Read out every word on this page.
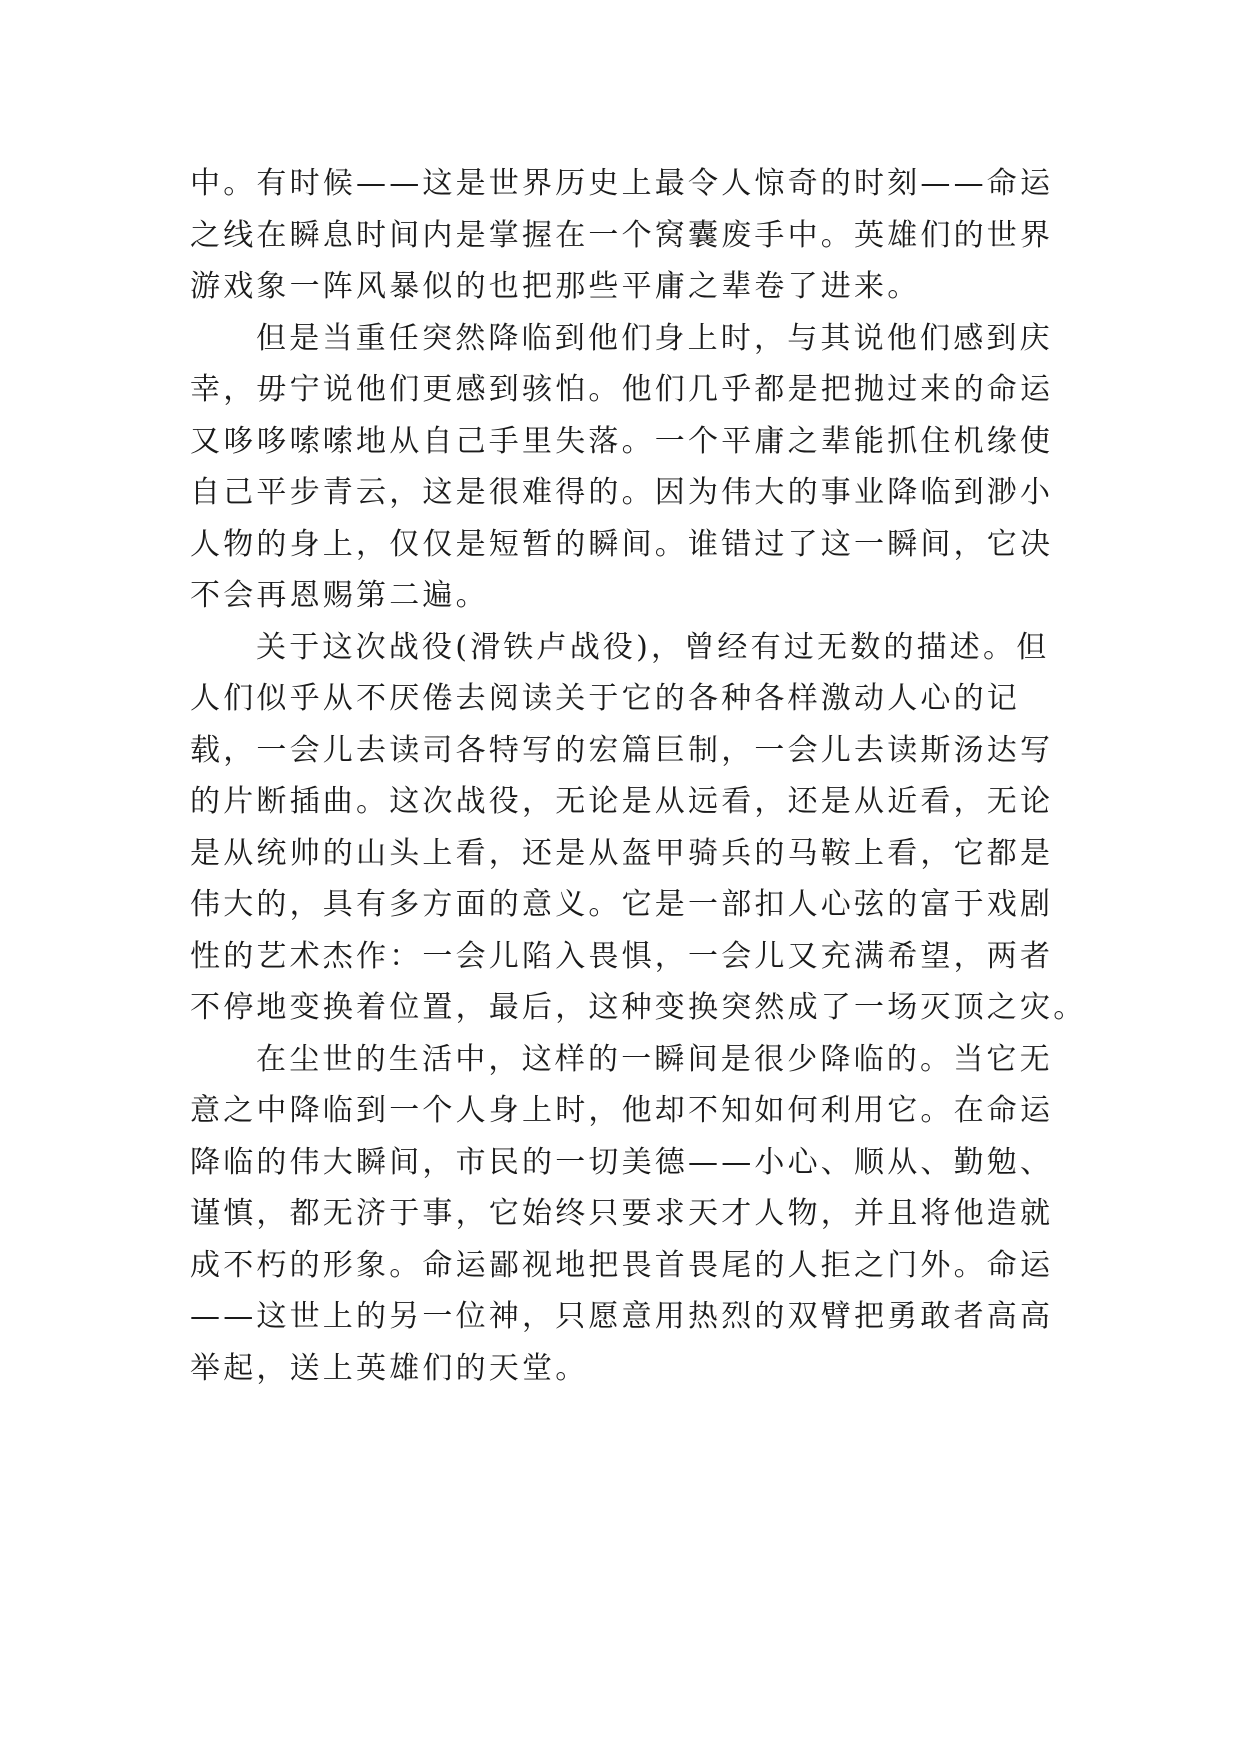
中。有时候——这是世界历史上最令人惊奇的时刻——命运
之线在瞬息时间内是掌握在一个窝囊废手中。英雄们的世界
游戏象一阵风暴似的也把那些平庸之辈卷了进来。
但是当重任突然降临到他们身上时，与其说他们感到庆
幸，毋宁说他们更感到骇怕。他们几乎都是把抛过来的命运
又哆哆嗦嗦地从自己手里失落。一个平庸之辈能抓住机缘使
自己平步青云，这是很难得的。因为伟大的事业降临到渺小
人物的身上，仅仅是短暂的瞬间。谁错过了这一瞬间，它决
不会再恩赐第二遍。
关于这次战役(滑铁卢战役)，曾经有过无数的描述。但
人们似乎从不厌倦去阅读关于它的各种各样激动人心的记
载，一会儿去读司各特写的宏篇巨制，一会儿去读斯汤达写
的片断插曲。这次战役，无论是从远看，还是从近看，无论
是从统帅的山头上看，还是从盔甲骑兵的马鞍上看，它都是
伟大的，具有多方面的意义。它是一部扣人心弦的富于戏剧
性的艺术杰作：一会儿陷入畏惧，一会儿又充满希望，两者
不停地变换着位置，最后，这种变换突然成了一场灭顶之灾。
在尘世的生活中，这样的一瞬间是很少降临的。当它无
意之中降临到一个人身上时，他却不知如何利用它。在命运
降临的伟大瞬间，市民的一切美德——小心、顺从、勤勉、
谨慎，都无济于事，它始终只要求天才人物，并且将他造就
成不朽的形象。命运鄙视地把畏首畏尾的人拒之门外。命运
——这世上的另一位神，只愿意用热烈的双臂把勇敢者高高
举起，送上英雄们的天堂。
